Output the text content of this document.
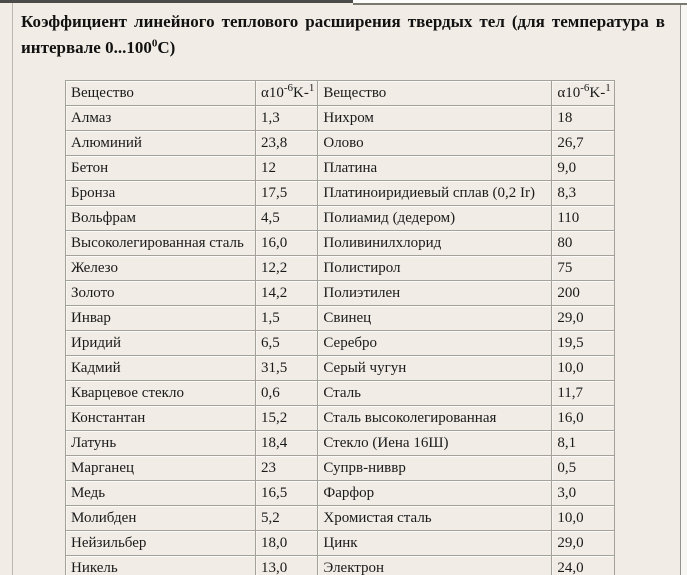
Коэффициент линейного теплового расширения твердых тел (для температура в
интервале 0...100$^0$С)
Вещество	$\alpha 10^{-6}K-^1$	Вещество	$\alpha 10^{-6}K-^1$
Алмаз	1,3	Нихром	18
Алюминий	23,8	Олово	26,7
Бетон	12	Платина	9,0
Бронза	17,5	Платиноиридиевый сплав (0,2 Ir)	8,3
Вольфрам	4,5	Полиамид (дедером)	110
Высоколегированная сталь	16,0	Поливинилхлорид	80
Железо	12,2	Полистирол	75
Золото	14,2	Полиэтилен	200
Инвар	1,5	Свинец	29,0
Иридий	6,5	Серебро	19,5
Кадмий	31,5	Серый чугун	10,0
Кварцевое стекло	0,6	Сталь	11,7
Константан	15,2	Сталь высоколегированная	16,0
Латунь	18,4	Стекло (Иена 16Ш)	8,1
Марганец	23	Супрв-ниввр	0,5
Медь	16,5	Фарфор	3,0
Молибден	5,2	Хромистая сталь	10,0
Нейзильбер	18,0	Цинк	29,0
Никель	13,0	Электрон	24,0
